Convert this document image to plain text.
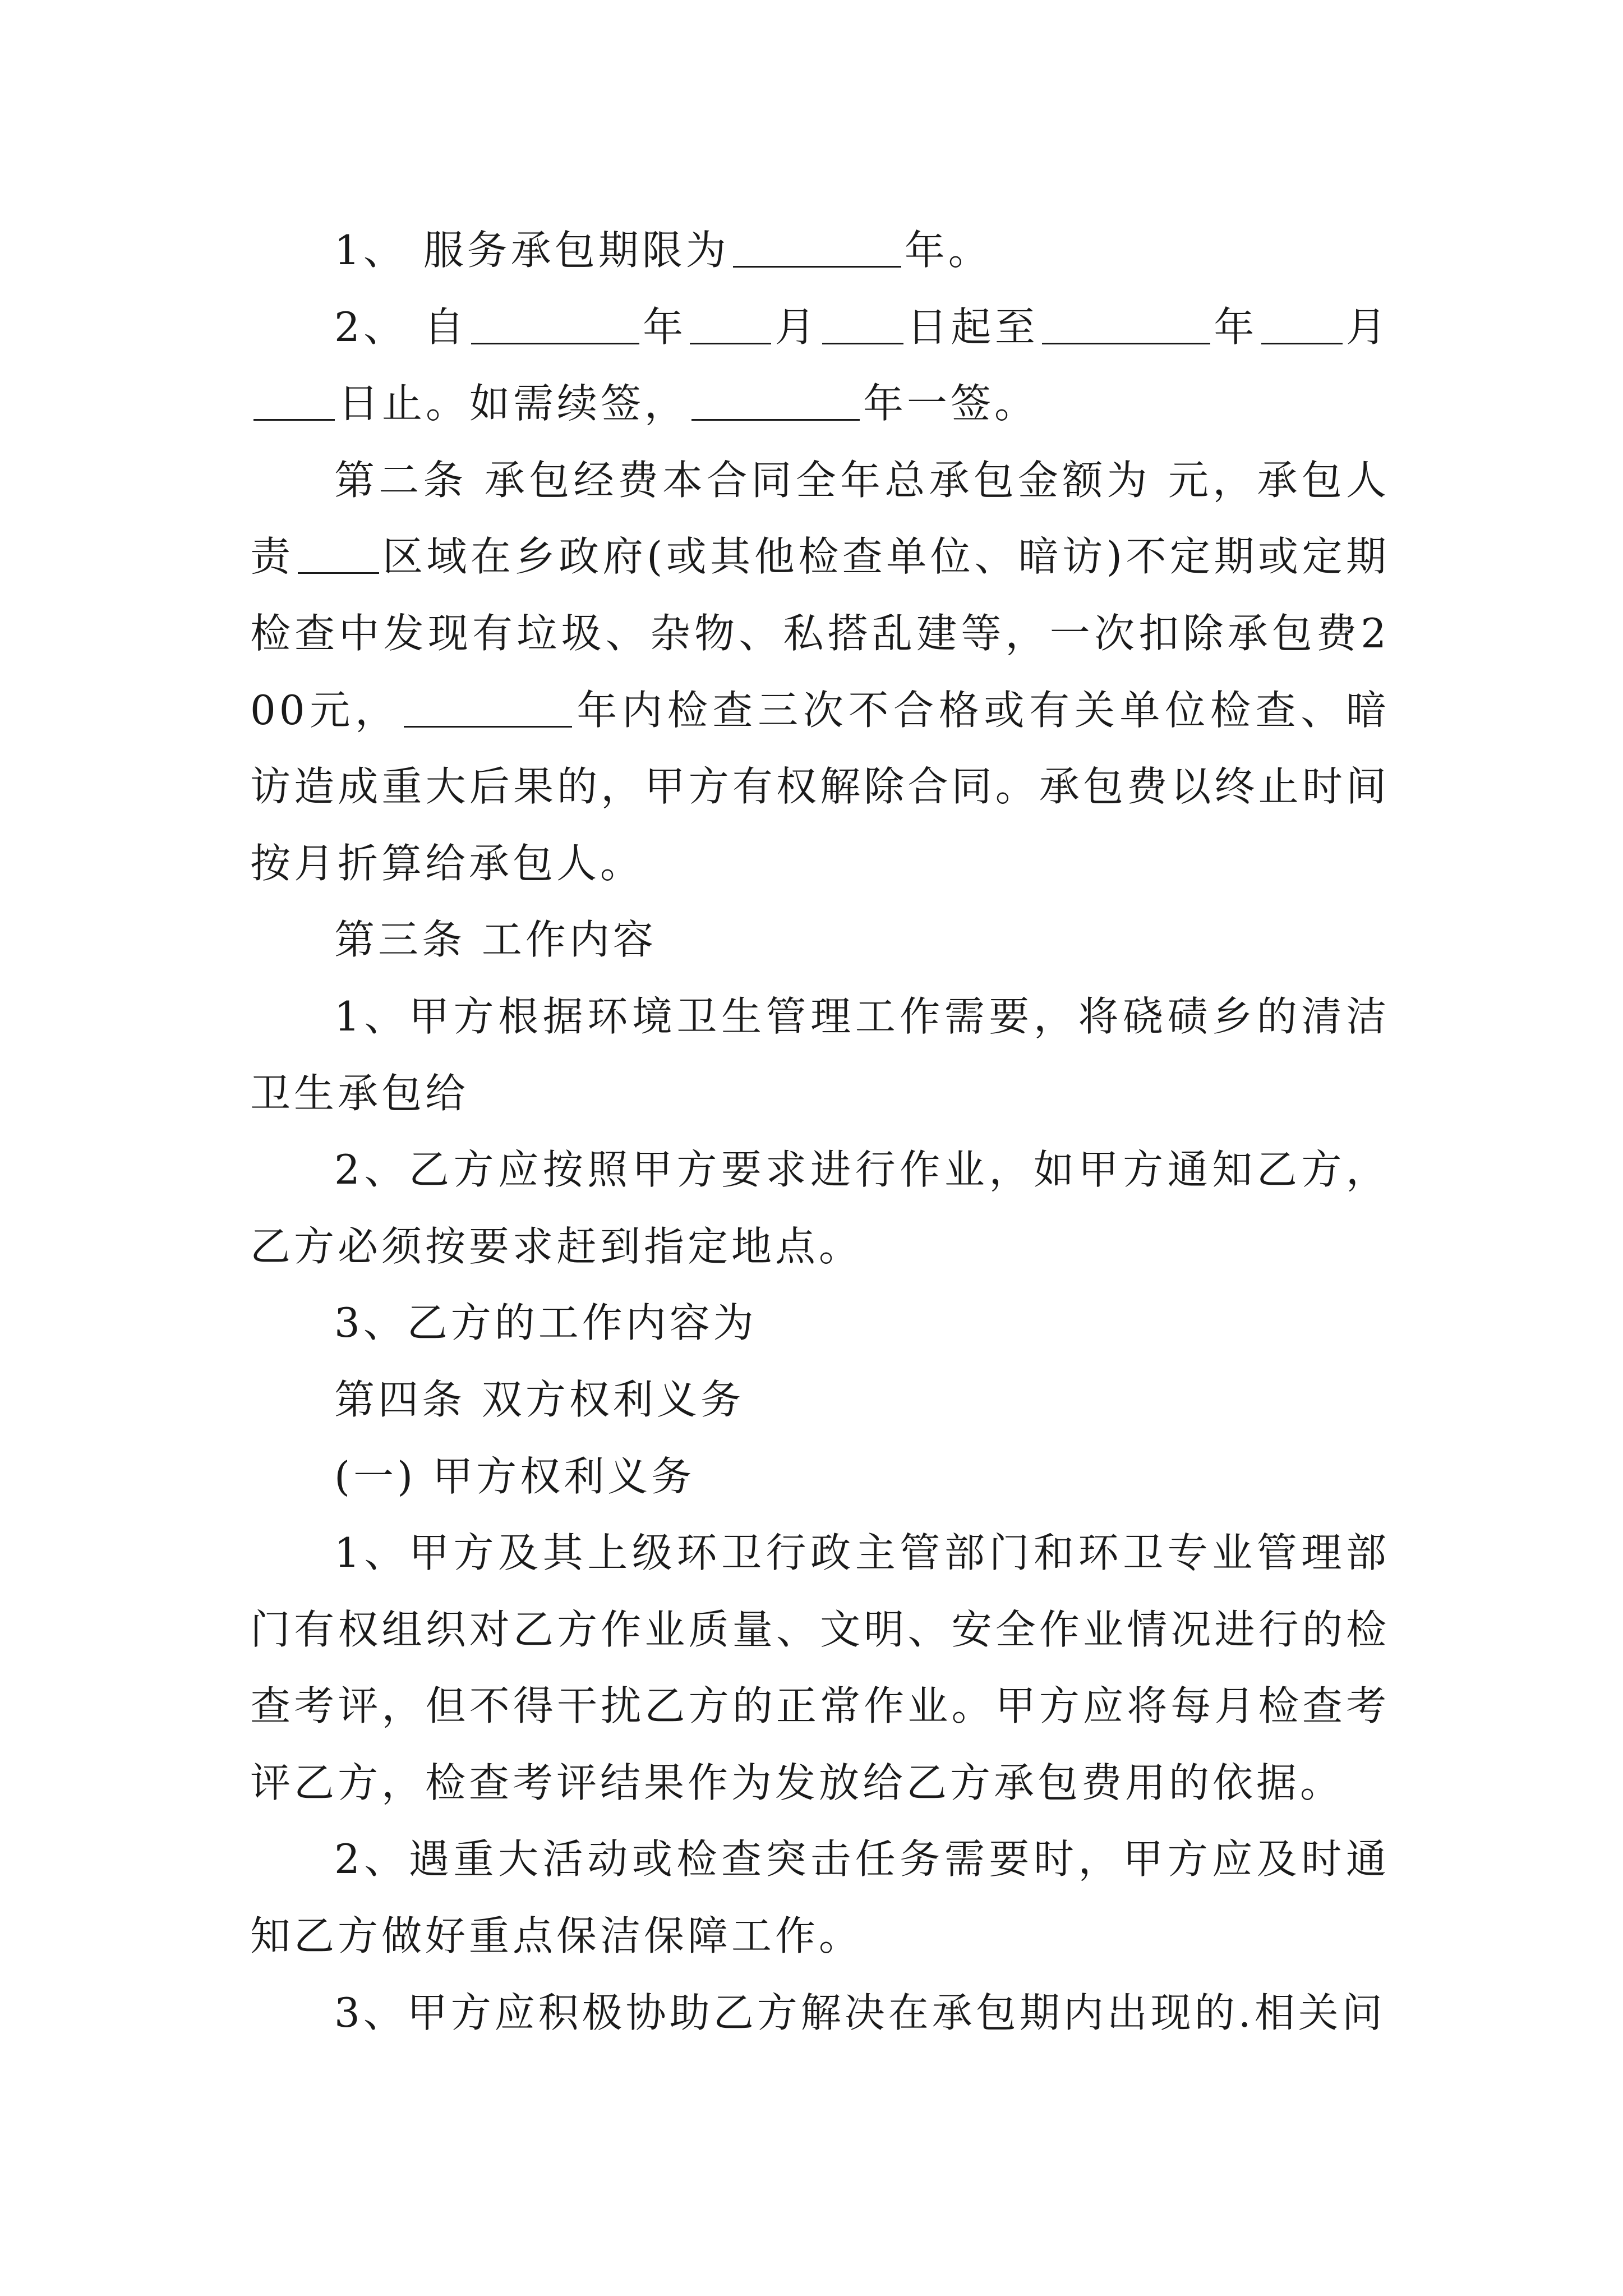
1、 服务承包期限为	年。

2、 自	年 月 日起至	年 月日止。如需续签，	年一签。

第二条 承包经费本合同全年总承包金额为 元，承包人责 区域在乡政府(或其他检查单位、暗访)不定期或定期检查中发现有垃圾、杂物、私搭乱建等，一次扣除承包费200元，	年内检查三次不合格或有关单位检查、暗访造成重大后果的，甲方有权解除合同。承包费以终止时间按月折算给承包人。

第三条 工作内容

1、甲方根据环境卫生管理工作需要，将硗碛乡的清洁卫生承包给

2、乙方应按照甲方要求进行作业，如甲方通知乙方，乙方必须按要求赶到指定地点。

3、乙方的工作内容为

第四条 双方权利义务

(一) 甲方权利义务

1、甲方及其上级环卫行政主管部门和环卫专业管理部门有权组织对乙方作业质量、文明、安全作业情况进行的检查考评，但不得干扰乙方的正常作业。甲方应将每月检查考评乙方，检查考评结果作为发放给乙方承包费用的依据。

2、遇重大活动或检查突击任务需要时，甲方应及时通知乙方做好重点保洁保障工作。

3、甲方应积极协助乙方解决在承包期内出现的.相关问
